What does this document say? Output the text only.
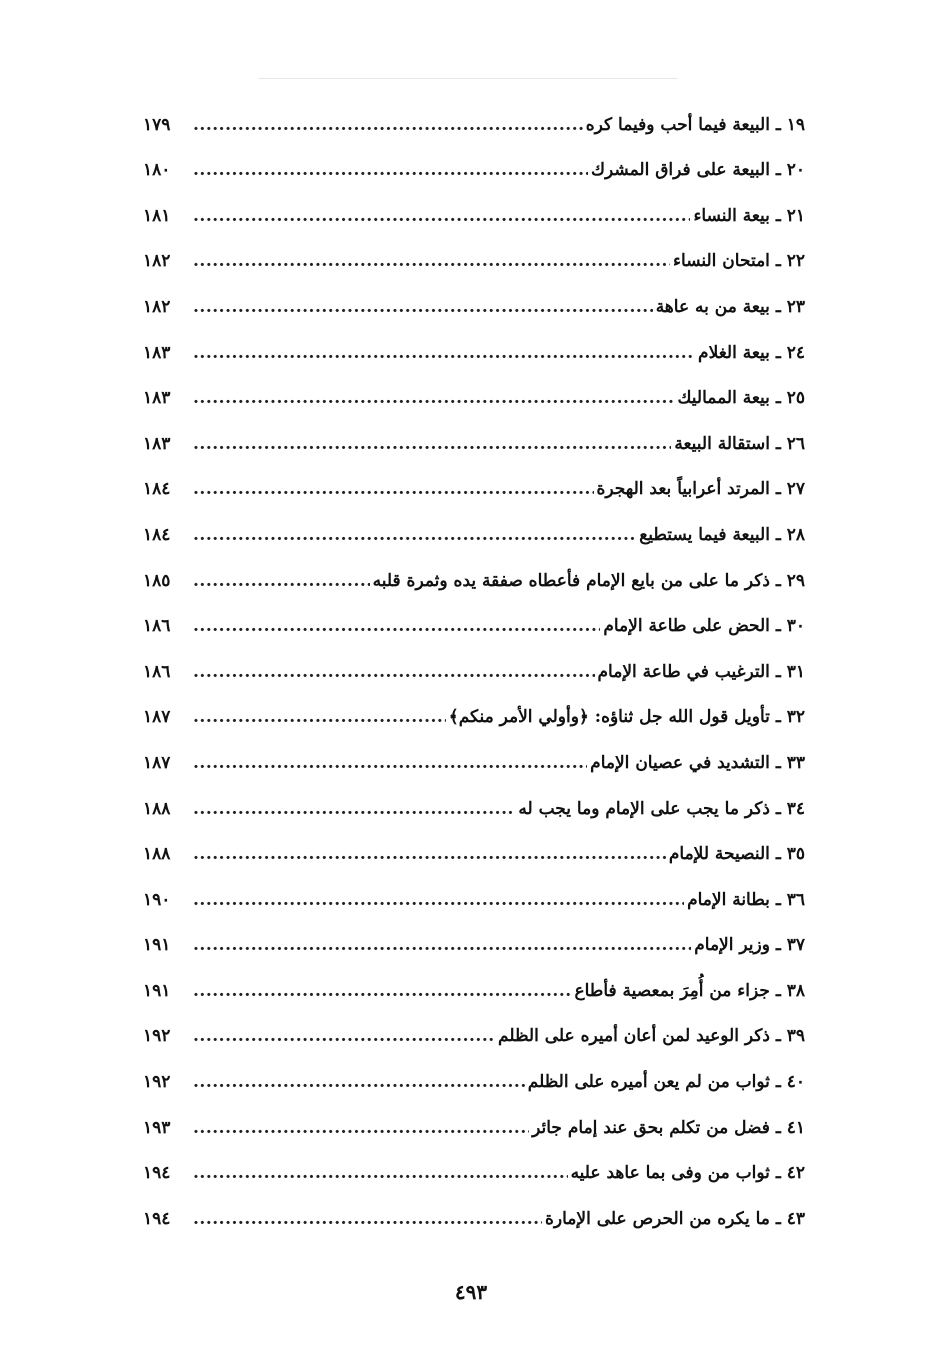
١٩ ـ البيعة فيما أحب وفيما كره
.....
١٧٩
٢٠ ـ البيعة على فراق المشرك
.....
١٨٠
٢١ ـ بيعة النساء
.....
١٨١
٢٢ ـ امتحان النساء
.....
١٨٢
٢٣ ـ بيعة من به عاهة
.....
١٨٢
٢٤ ـ بيعة الغلام
.....
١٨٣
٢٥ ـ بيعة المماليك
.....
١٨٣
٢٦ ـ استقالة البيعة
.....
١٨٣
٢٧ ـ المرتد أعرابياً بعد الهجرة
.....
١٨٤
٢٨ ـ البيعة فيما يستطيع
.....
١٨٤
٢٩ ـ ذكر ما على من بايع الإمام فأعطاه صفقة يده وثمرة قلبه
.....
١٨٥
٣٠ ـ الحض على طاعة الإمام
.....
١٨٦
٣١ ـ الترغيب في طاعة الإمام
.....
١٨٦
٣٢ ـ تأويل قول الله جل ثناؤه: ﴿وأولي الأمر منكم﴾
.....
١٨٧
٣٣ ـ التشديد في عصيان الإمام
.....
١٨٧
٣٤ ـ ذكر ما يجب على الإمام وما يجب له
.....
١٨٨
٣٥ ـ النصيحة للإمام
.....
١٨٨
٣٦ ـ بطانة الإمام
.....
١٩٠
٣٧ ـ وزير الإمام
.....
١٩١
٣٨ ـ جزاء من أُمِرَ بمعصية فأطاع
.....
١٩١
٣٩ ـ ذكر الوعيد لمن أعان أميره على الظلم
.....
١٩٢
٤٠ ـ ثواب من لم يعن أميره على الظلم
.....
١٩٢
٤١ ـ فضل من تكلم بحق عند إمام جائر
.....
١٩٣
٤٢ ـ ثواب من وفى بما عاهد عليه
.....
١٩٤
٤٣ ـ ما يكره من الحرص على الإمارة
.....
١٩٤
٤٩٣
